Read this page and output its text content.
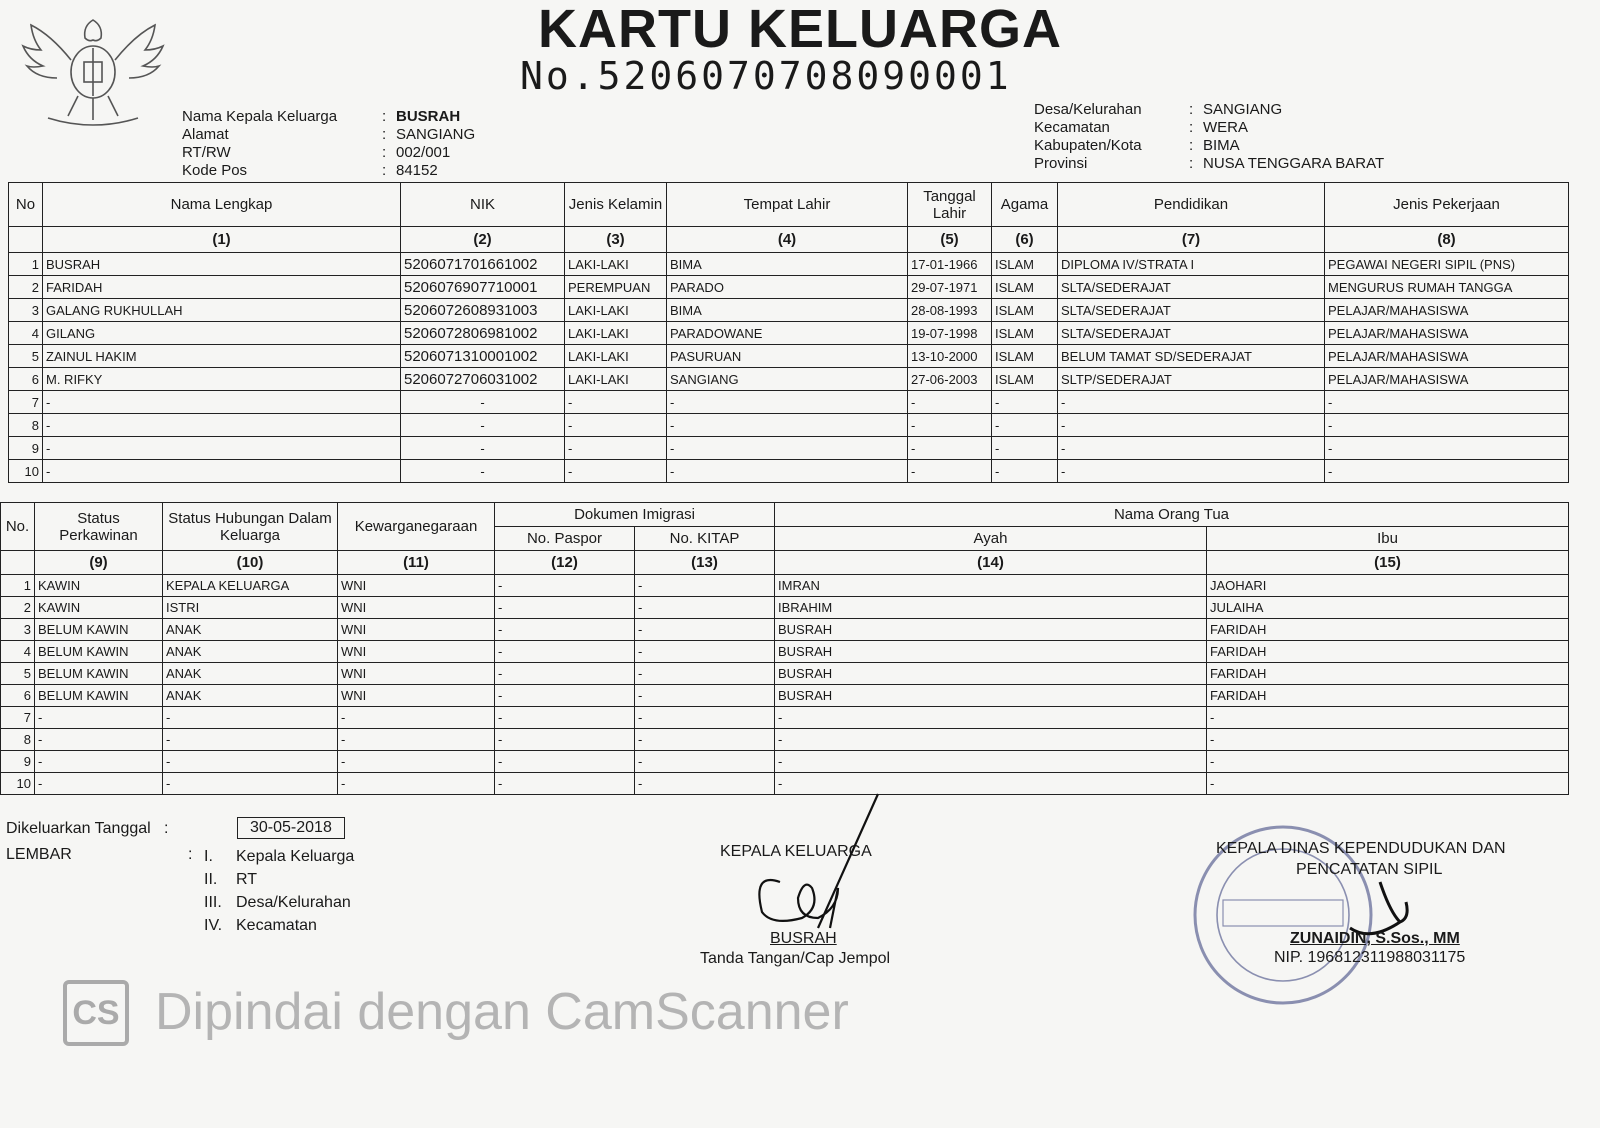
KARTU KELUARGA
No.5206070708090001
Nama Kepala Keluarga	: BUSRAH
Alamat	: SANGIANG
RT/RW	: 002/001
Kode Pos	: 84152
Desa/Kelurahan	: SANGIANG
Kecamatan	: WERA
Kabupaten/Kota	: BIMA
Provinsi	: NUSA TENGGARA BARAT
No	Nama Lengkap	NIK	Jenis Kelamin	Tempat Lahir	Tanggal Lahir	Agama	Pendidikan	Jenis Pekerjaan
	(1)	(2)	(3)	(4)	(5)	(6)	(7)	(8)
1	BUSRAH	5206071701661002	LAKI-LAKI	BIMA	17-01-1966	ISLAM	DIPLOMA IV/STRATA I	PEGAWAI NEGERI SIPIL (PNS)
2	FARIDAH	5206076907710001	PEREMPUAN	PARADO	29-07-1971	ISLAM	SLTA/SEDERAJAT	MENGURUS RUMAH TANGGA
3	GALANG RUKHULLAH	5206072608931003	LAKI-LAKI	BIMA	28-08-1993	ISLAM	SLTA/SEDERAJAT	PELAJAR/MAHASISWA
4	GILANG	5206072806981002	LAKI-LAKI	PARADOWANE	19-07-1998	ISLAM	SLTA/SEDERAJAT	PELAJAR/MAHASISWA
5	ZAINUL HAKIM	5206071310001002	LAKI-LAKI	PASURUAN	13-10-2000	ISLAM	BELUM TAMAT SD/SEDERAJAT	PELAJAR/MAHASISWA
6	M. RIFKY	5206072706031002	LAKI-LAKI	SANGIANG	27-06-2003	ISLAM	SLTP/SEDERAJAT	PELAJAR/MAHASISWA
7	-	-	-	-	-	-	-	-
8	-	-	-	-	-	-	-	-
9	-	-	-	-	-	-	-	-
10	-	-	-	-	-	-	-	-
No.	Status Perkawinan	Status Hubungan Dalam Keluarga	Kewarganegaraan	Dokumen Imigrasi		Nama Orang Tua	
				No. Paspor	No. KITAP	Ayah	Ibu
	(9)	(10)	(11)	(12)	(13)	(14)	(15)
1	KAWIN	KEPALA KELUARGA	WNI	-	-	IMRAN	JAOHARI
2	KAWIN	ISTRI	WNI	-	-	IBRAHIM	JULAIHA
3	BELUM KAWIN	ANAK	WNI	-	-	BUSRAH	FARIDAH
4	BELUM KAWIN	ANAK	WNI	-	-	BUSRAH	FARIDAH
5	BELUM KAWIN	ANAK	WNI	-	-	BUSRAH	FARIDAH
6	BELUM KAWIN	ANAK	WNI	-	-	BUSRAH	FARIDAH
7	-	-	-	-	-	-	-
8	-	-	-	-	-	-	-
9	-	-	-	-	-	-	-
10	-	-	-	-	-	-	-
Dikeluarkan Tanggal   :	30-05-2018
LEMBAR	: I. Kepala Keluarga
II. RT
III. Desa/Kelurahan
IV. Kecamatan
KEPALA KELUARGA
BUSRAH
Tanda Tangan/Cap Jempol
KEPALA DINAS KEPENDUDUKAN DAN
PENCATATAN SIPIL
ZUNAIDIN, S.Sos., MM
NIP. 196812311988031175
CS Dipindai dengan CamScanner
